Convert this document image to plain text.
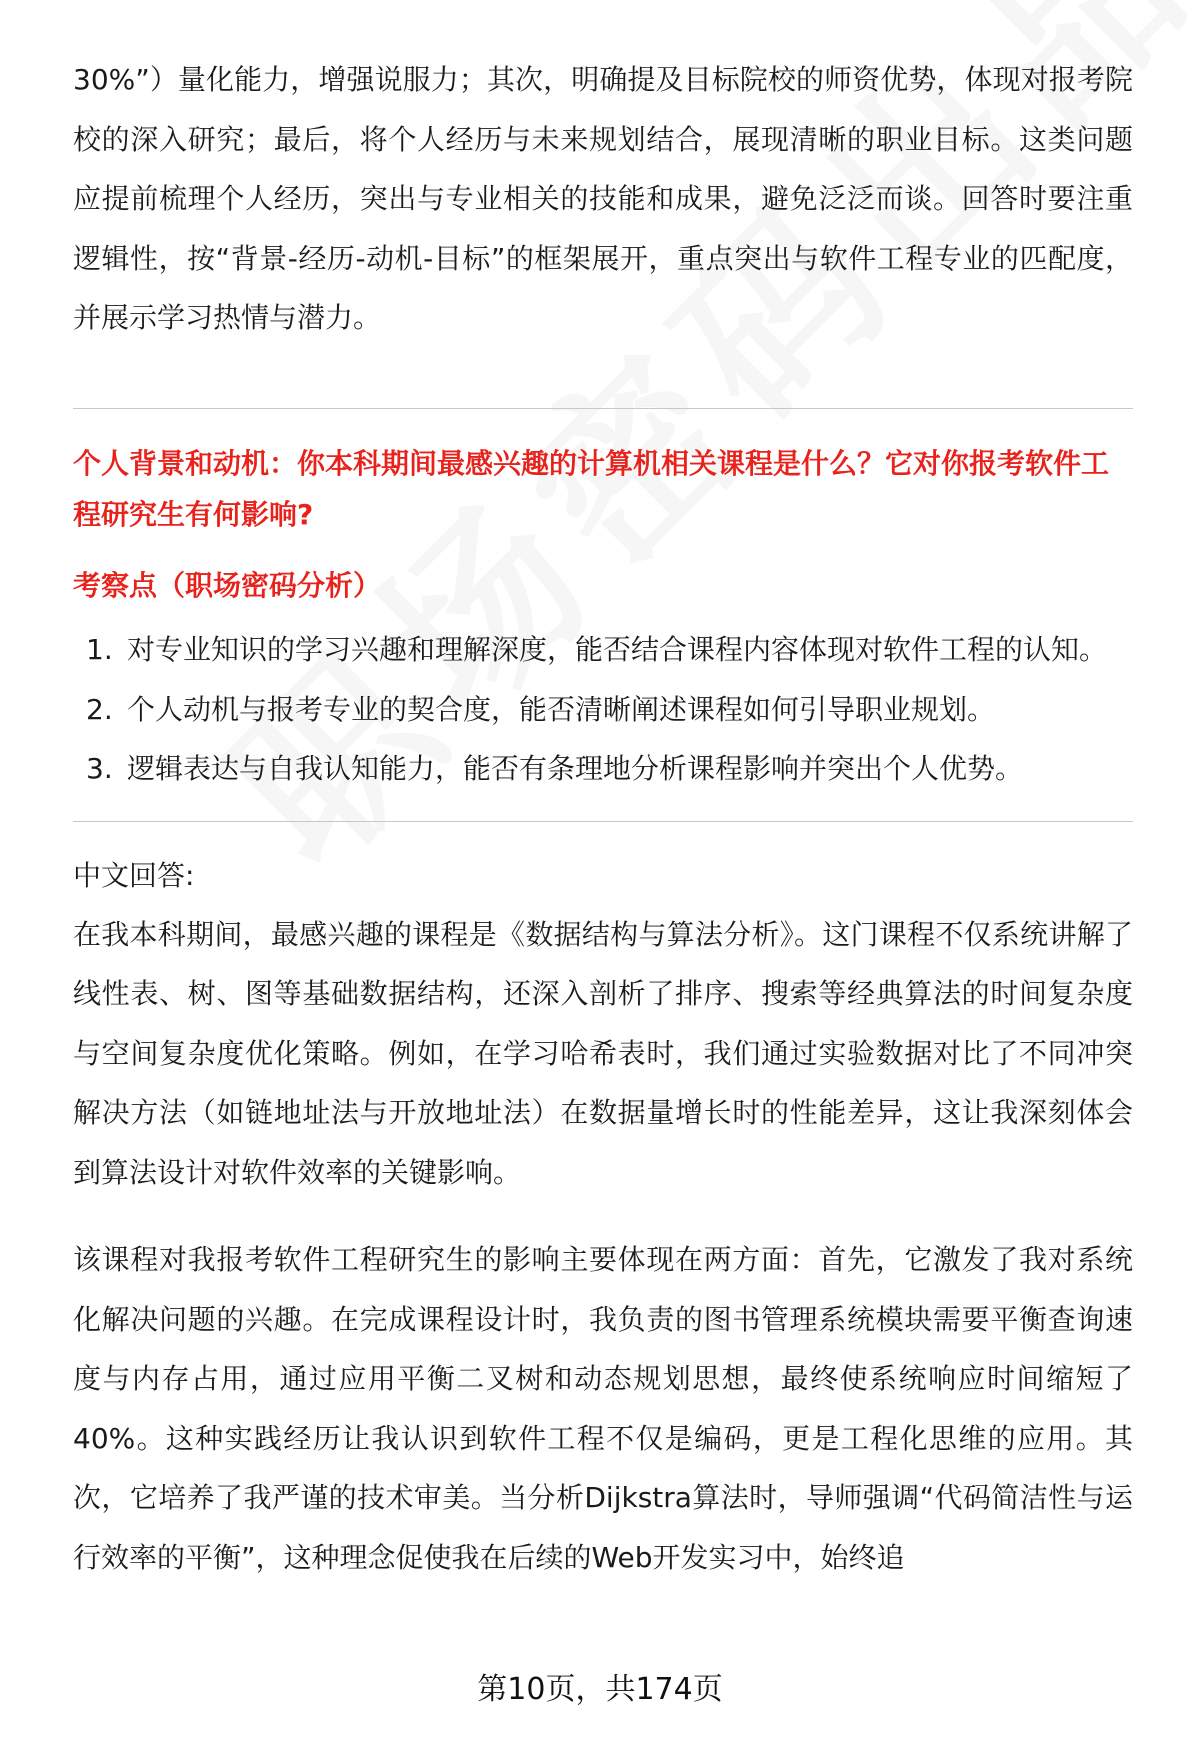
30%”）量化能力，增强说服力；其次，明确提及目标院校的师资优势，体现对报考院校的深入研究；最后，将个人经历与未来规划结合，展现清晰的职业目标。这类问题应提前梳理个人经历，突出与专业相关的技能和成果，避免泛泛而谈。回答时要注重逻辑性，按“背景-经历-动机-目标”的框架展开，重点突出与软件工程专业的匹配度，并展示学习热情与潜力。

个人背景和动机：你本科期间最感兴趣的计算机相关课程是什么？它对你报考软件工程研究生有何影响?

考察点（职场密码分析）

1. 对专业知识的学习兴趣和理解深度，能否结合课程内容体现对软件工程的认知。
2. 个人动机与报考专业的契合度，能否清晰阐述课程如何引导职业规划。
3. 逻辑表达与自我认知能力，能否有条理地分析课程影响并突出个人优势。

中文回答:

在我本科期间，最感兴趣的课程是《数据结构与算法分析》。这门课程不仅系统讲解了线性表、树、图等基础数据结构，还深入剖析了排序、搜索等经典算法的时间复杂度与空间复杂度优化策略。例如，在学习哈希表时，我们通过实验数据对比了不同冲突解决方法（如链地址法与开放地址法）在数据量增长时的性能差异，这让我深刻体会到算法设计对软件效率的关键影响。

该课程对我报考软件工程研究生的影响主要体现在两方面：首先，它激发了我对系统化解决问题的兴趣。在完成课程设计时，我负责的图书管理系统模块需要平衡查询速度与内存占用，通过应用平衡二叉树和动态规划思想，最终使系统响应时间缩短了40%。这种实践经历让我认识到软件工程不仅是编码，更是工程化思维的应用。其次，它培养了我严谨的技术审美。当分析Dijkstra算法时，导师强调“代码简洁性与运行效率的平衡”，这种理念促使我在后续的Web开发实习中，始终追

第10页，共174页
